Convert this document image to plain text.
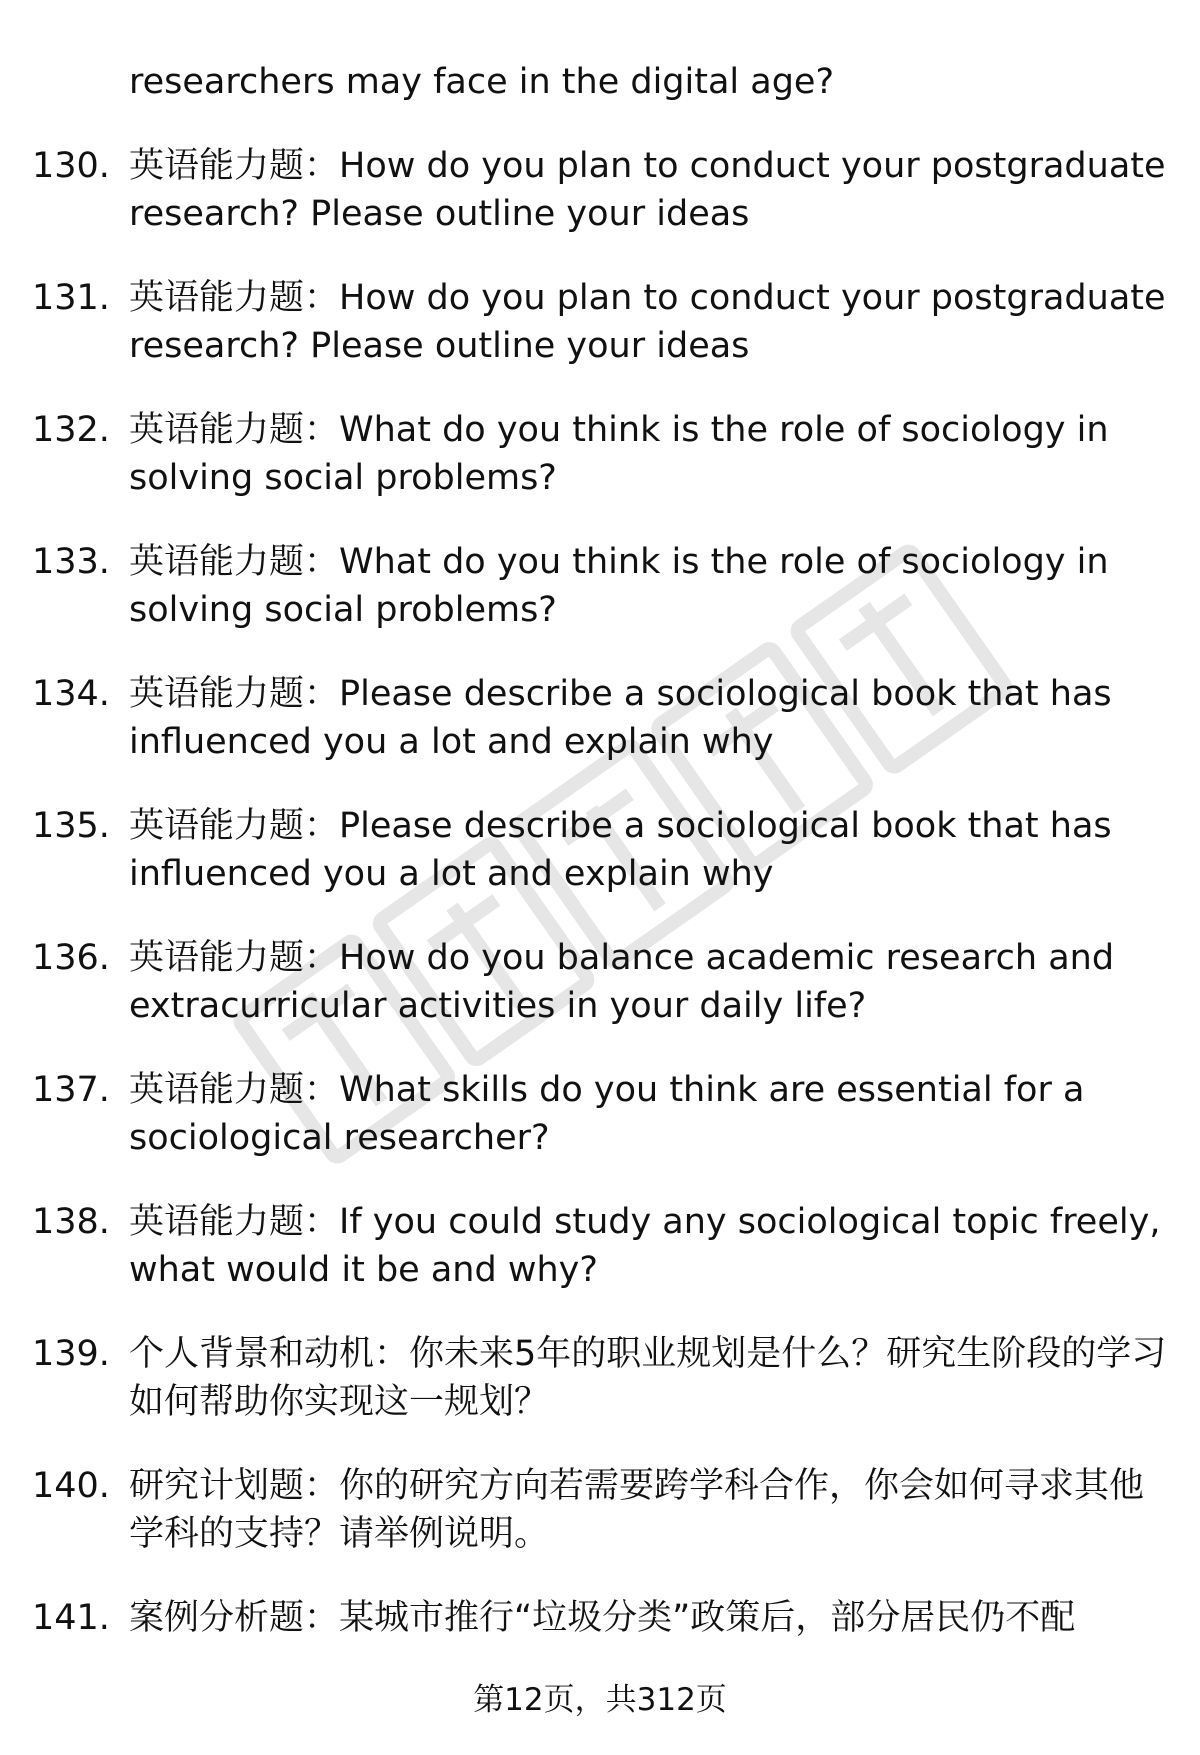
researchers may face in the digital age?
130. 英语能力题：How do you plan to conduct your postgraduate research? Please outline your ideas
131. 英语能力题：How do you plan to conduct your postgraduate research? Please outline your ideas
132. 英语能力题：What do you think is the role of sociology in solving social problems?
133. 英语能力题：What do you think is the role of sociology in solving social problems?
134. 英语能力题：Please describe a sociological book that has influenced you a lot and explain why
135. 英语能力题：Please describe a sociological book that has influenced you a lot and explain why
136. 英语能力题：How do you balance academic research and extracurricular activities in your daily life?
137. 英语能力题：What skills do you think are essential for a sociological researcher?
138. 英语能力题：If you could study any sociological topic freely, what would it be and why?
139. 个人背景和动机：你未来5年的职业规划是什么？研究生阶段的学习如何帮助你实现这一规划？
140. 研究计划题：你的研究方向若需要跨学科合作，你会如何寻求其他学科的支持？请举例说明。
141. 案例分析题：某城市推行“垃圾分类”政策后，部分居民仍不配
第12页，共312页
